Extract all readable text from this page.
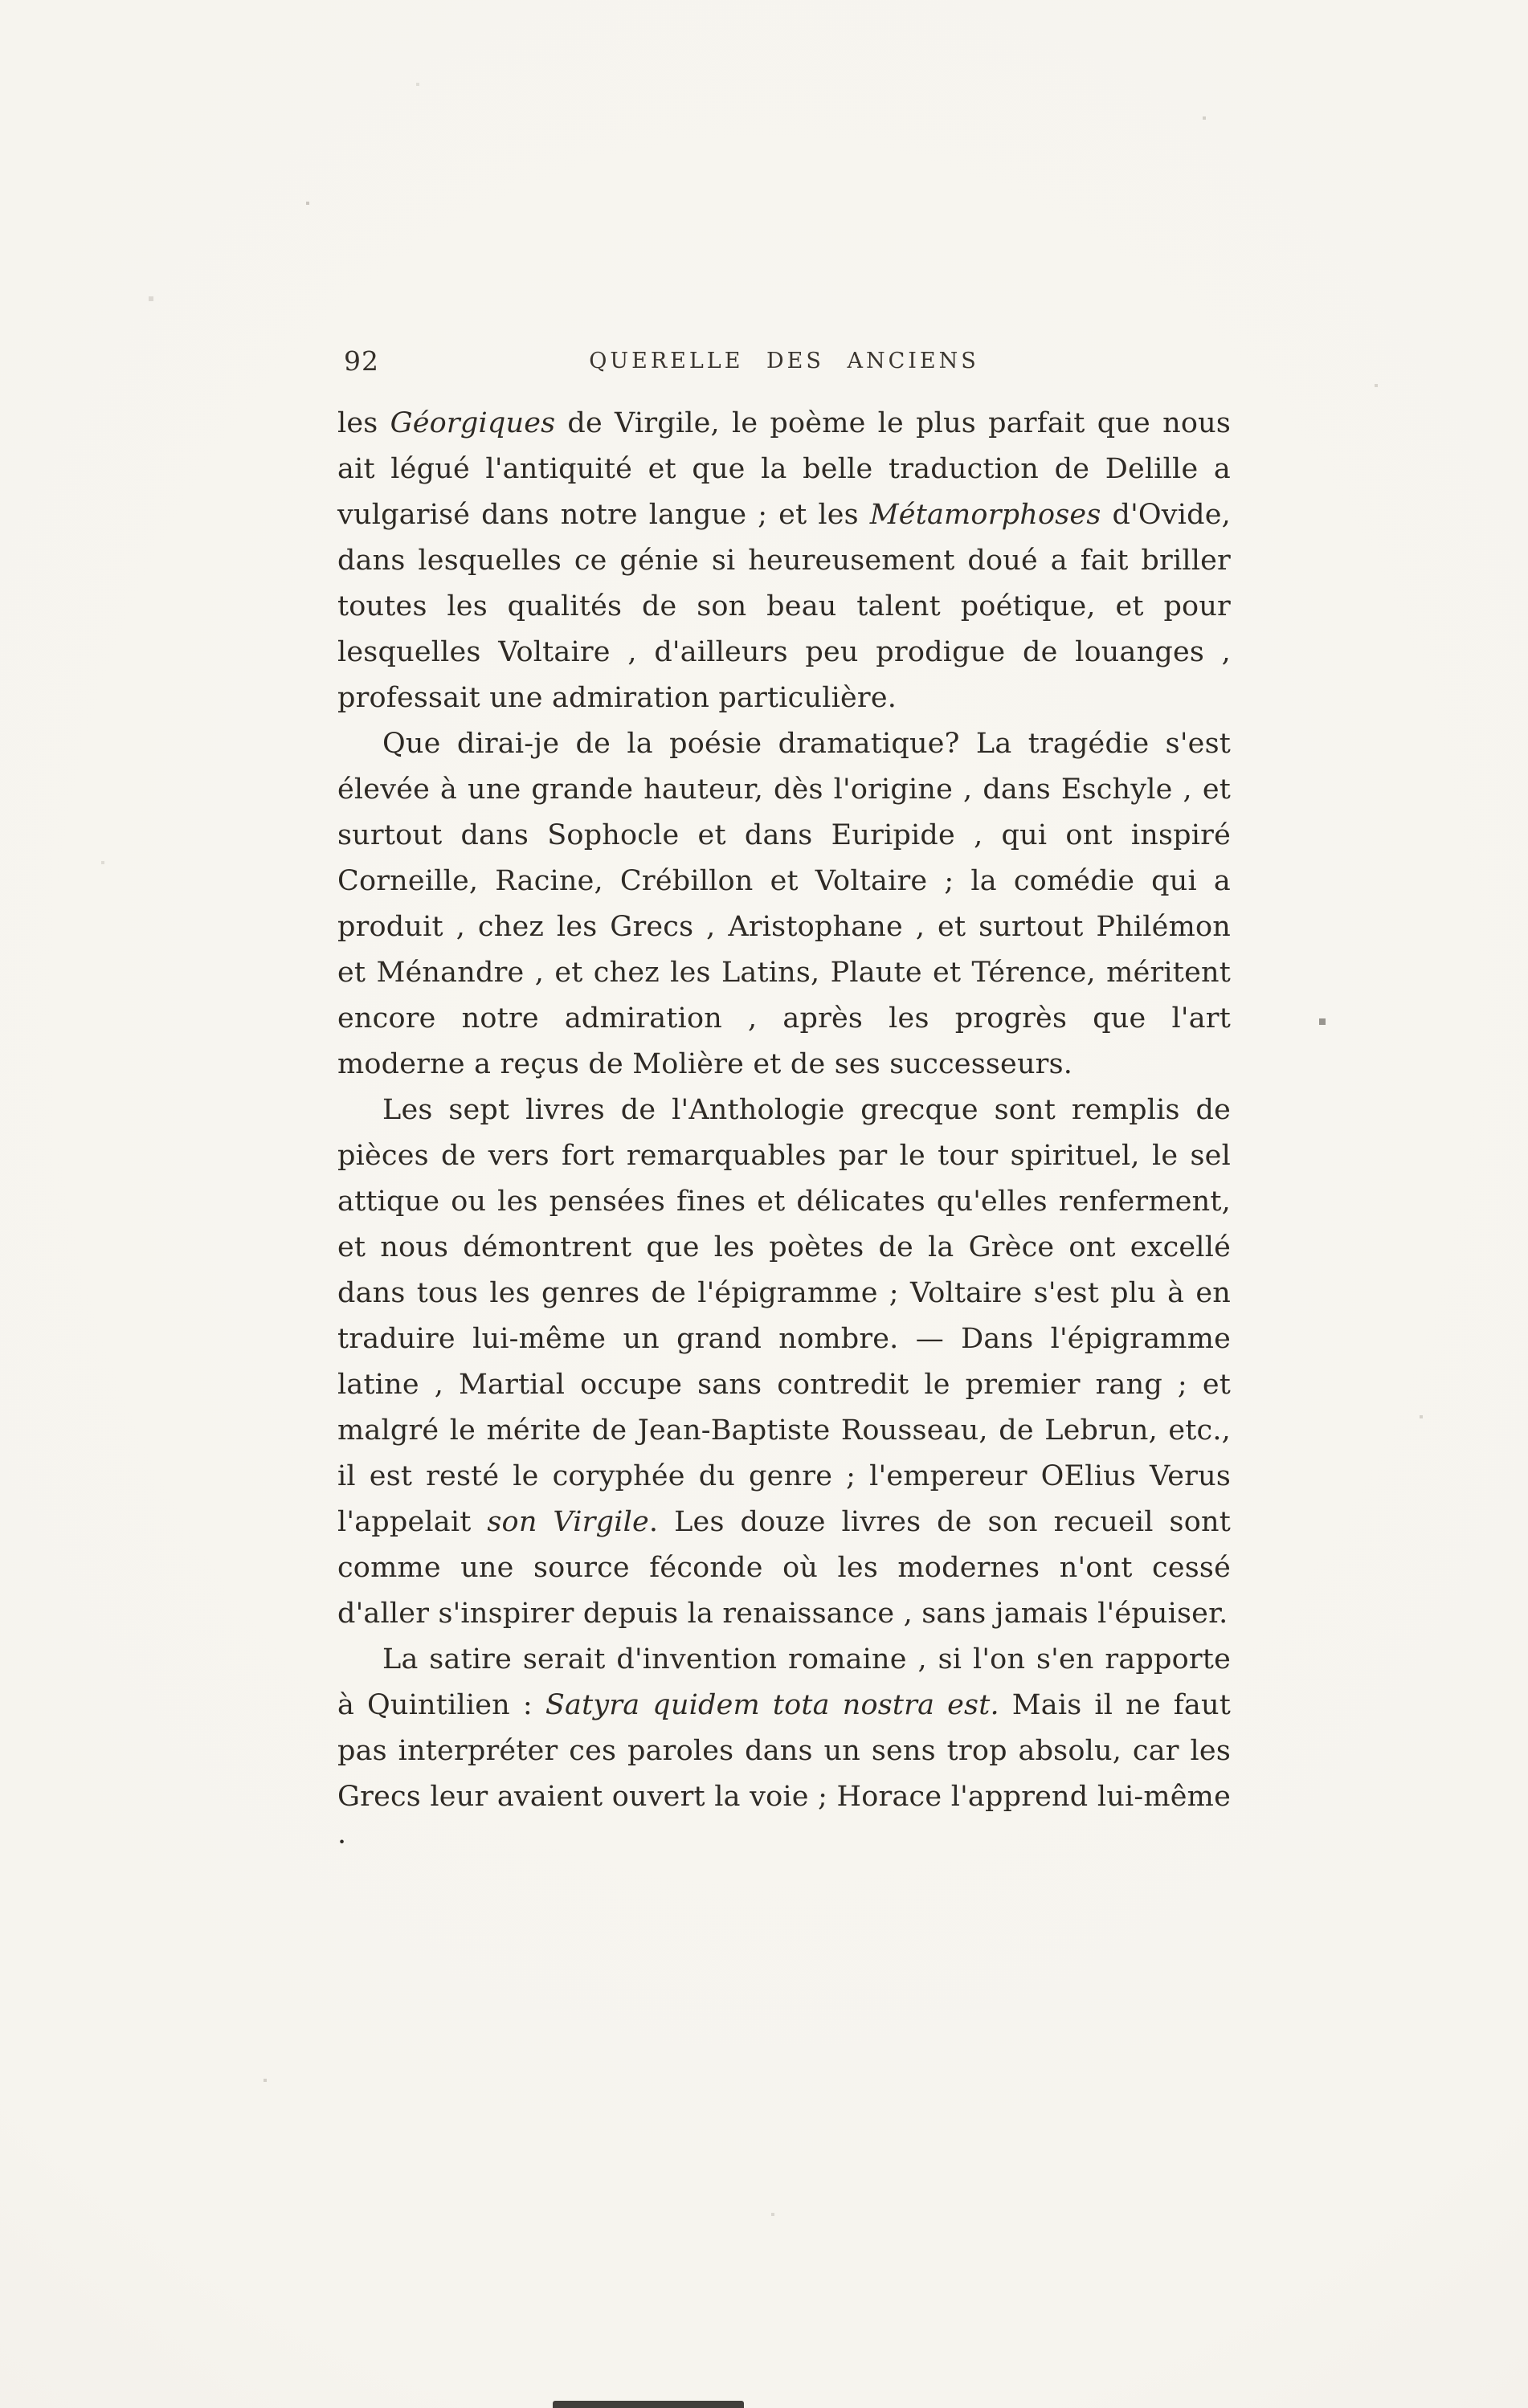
92	QUERELLE DES ANCIENS

les Géorgiques de Virgile, le poème le plus parfait que nous ait légué l'antiquité et que la belle traduction de Delille a vulgarisé dans notre langue ; et les Métamorphoses d'Ovide, dans lesquelles ce génie si heureusement doué a fait briller toutes les qualités de son beau talent poétique, et pour lesquelles Voltaire , d'ailleurs peu prodigue de louanges , professait une admiration particulière.

Que dirai-je de la poésie dramatique? La tragédie s'est élevée à une grande hauteur, dès l'origine , dans Eschyle , et surtout dans Sophocle et dans Euripide , qui ont inspiré Corneille, Racine, Crébillon et Voltaire ; la comédie qui a produit , chez les Grecs , Aristophane , et surtout Philémon et Ménandre , et chez les Latins, Plaute et Térence, méritent encore notre admiration , après les progrès que l'art moderne a reçus de Molière et de ses successeurs.

Les sept livres de l'Anthologie grecque sont remplis de pièces de vers fort remarquables par le tour spirituel, le sel attique ou les pensées fines et délicates qu'elles renferment, et nous démontrent que les poètes de la Grèce ont excellé dans tous les genres de l'épigramme ; Voltaire s'est plu à en traduire lui-même un grand nombre. — Dans l'épigramme latine , Martial occupe sans contredit le premier rang ; et malgré le mérite de Jean-Baptiste Rousseau, de Lebrun, etc., il est resté le coryphée du genre ; l'empereur OElius Verus l'appelait son Virgile. Les douze livres de son recueil sont comme une source féconde où les modernes n'ont cessé d'aller s'inspirer depuis la renaissance , sans jamais l'épuiser.

La satire serait d'invention romaine , si l'on s'en rapporte à Quintilien : Satyra quidem tota nostra est. Mais il ne faut pas interpréter ces paroles dans un sens trop absolu, car les Grecs leur avaient ouvert la voie ; Horace l'apprend lui-même ·
